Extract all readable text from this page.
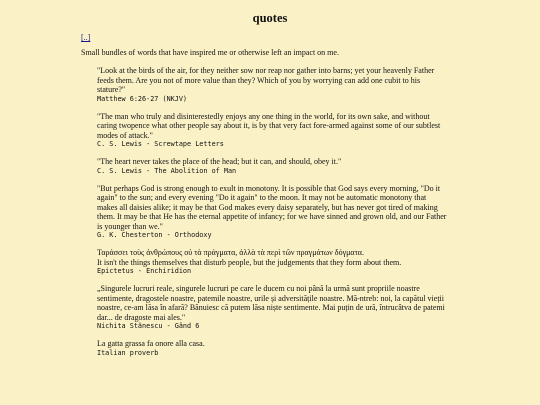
quotes
[..]
Small bundles of words that have inspired me or otherwise left an impact on me.
"Look at the birds of the air, for they neither sow nor reap nor gather into barns; yet your heavenly Father feeds them. Are you not of more value than they? Which of you by worrying can add one cubit to his stature?"
Matthew 6:26-27 (NKJV)
"The man who truly and disinterestedly enjoys any one thing in the world, for its own sake, and without caring twopence what other people say about it, is by that very fact fore-armed against some of our subtlest modes of attack."
C. S. Lewis - Screwtape Letters
"The heart never takes the place of the head; but it can, and should, obey it."
C. S. Lewis - The Abolition of Man
"But perhaps God is strong enough to exult in monotony. It is possible that God says every morning, "Do it again" to the sun; and every evening "Do it again" to the moon. It may not be automatic monotony that makes all daisies alike; it may be that God makes every daisy separately, but has never got tired of making them. It may be that He has the eternal appetite of infancy; for we have sinned and grown old, and our Father is younger than we."
G. K. Chesterton - Orthodoxy
Ταράσσει τοὺς ἀνθρώπους οὐ τὰ πράγματα, ἀλλὰ τὰ περὶ τῶν πραγμάτων δόγματα.
It isn't the things themselves that disturb people, but the judgements that they form about them.
Epictetus - Enchiridion
„Singurele lucruri reale, singurele lucruri pe care le ducem cu noi până la urmă sunt propriile noastre sentimente, dragostele noastre, patemile noastre, urile și adversitățile noastre. Mă-ntreb: noi, la capătul vieții noastre, ce-am lăsa în afară? Bănuiesc că putem lăsa niște sentimente. Mai puțin de ură, întrucâtva de patemi dar... de dragoste mai ales."
Nichita Stănescu - Gând 6
La gatta grassa fa onore alla casa.
Italian proverb
